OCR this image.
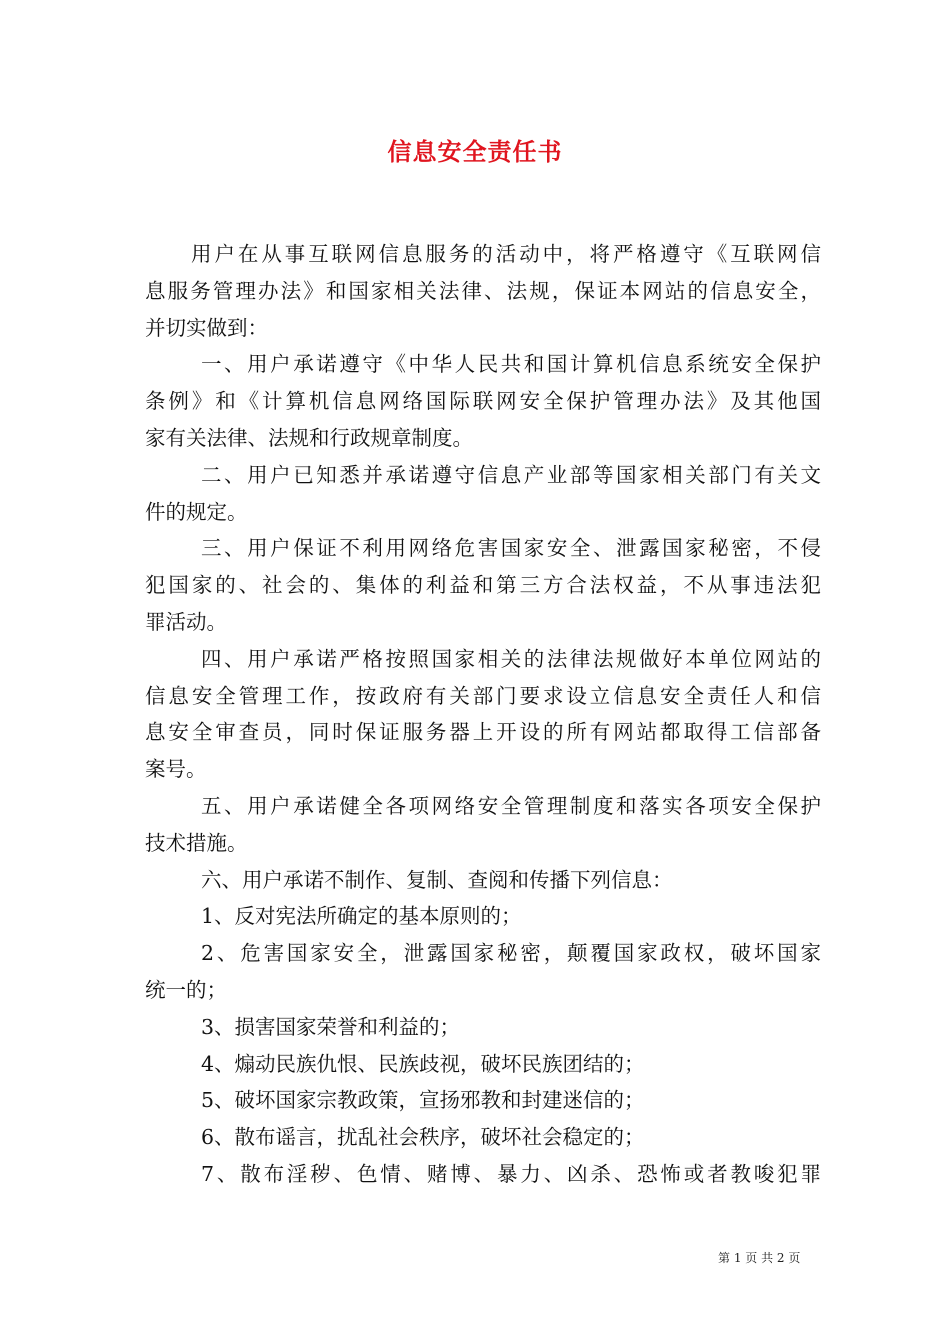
信息安全责任书
用户在从事互联网信息服务的活动中，将严格遵守《互联网信
息服务管理办法》和国家相关法律、法规，保证本网站的信息安全，
并切实做到：
一、用户承诺遵守《中华人民共和国计算机信息系统安全保护
条例》和《计算机信息网络国际联网安全保护管理办法》及其他国
家有关法律、法规和行政规章制度。
二、用户已知悉并承诺遵守信息产业部等国家相关部门有关文
件的规定。
三、用户保证不利用网络危害国家安全、泄露国家秘密，不侵
犯国家的、社会的、集体的利益和第三方合法权益，不从事违法犯
罪活动。
四、用户承诺严格按照国家相关的法律法规做好本单位网站的
信息安全管理工作，按政府有关部门要求设立信息安全责任人和信
息安全审查员，同时保证服务器上开设的所有网站都取得工信部备
案号。
五、用户承诺健全各项网络安全管理制度和落实各项安全保护
技术措施。
六、用户承诺不制作、复制、查阅和传播下列信息：
1、反对宪法所确定的基本原则的；
2、危害国家安全，泄露国家秘密，颠覆国家政权，破坏国家
统一的；
3、损害国家荣誉和利益的；
4、煽动民族仇恨、民族歧视，破坏民族团结的；
5、破坏国家宗教政策，宣扬邪教和封建迷信的；
6、散布谣言，扰乱社会秩序，破坏社会稳定的；
7、散布淫秽、色情、赌博、暴力、凶杀、恐怖或者教唆犯罪
第 1 页 共 2 页
